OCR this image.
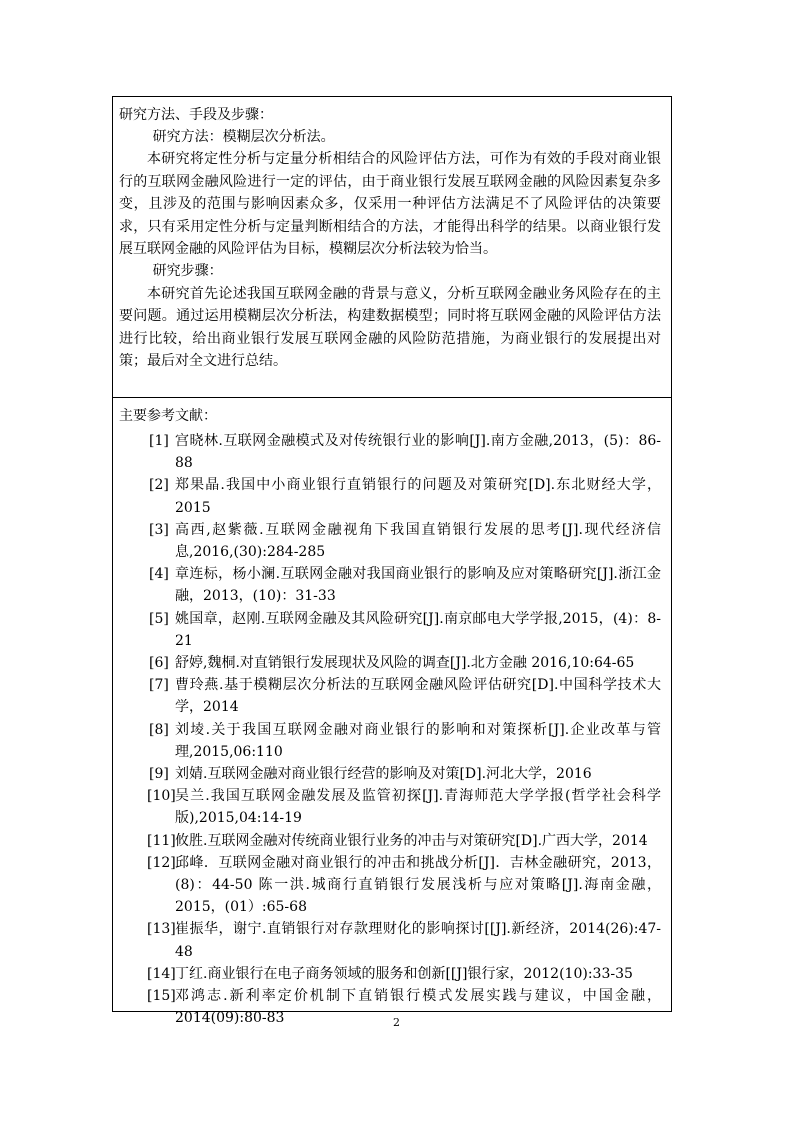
研究方法、手段及步骤：

研究方法：模糊层次分析法。

本研究将定性分析与定量分析相结合的风险评估方法，可作为有效的手段对商业银行的互联网金融风险进行一定的评估，由于商业银行发展互联网金融的风险因素复杂多变，且涉及的范围与影响因素众多，仅采用一种评估方法满足不了风险评估的决策要求，只有采用定性分析与定量判断相结合的方法，才能得出科学的结果。以商业银行发展互联网金融的风险评估为目标，模糊层次分析法较为恰当。

研究步骤：

本研究首先论述我国互联网金融的背景与意义，分析互联网金融业务风险存在的主要问题。通过运用模糊层次分析法，构建数据模型；同时将互联网金融的风险评估方法进行比较，给出商业银行发展互联网金融的风险防范措施，为商业银行的发展提出对策；最后对全文进行总结。

主要参考文献：
[1] 宫晓林.互联网金融模式及对传统银行业的影响[J].南方金融,2013，(5)：86-88
[2] 郑果晶.我国中小商业银行直销银行的问题及对策研究[D].东北财经大学，2015
[3] 高西,赵紫薇.互联网金融视角下我国直销银行发展的思考[J].现代经济信息,2016,(30):284-285
[4] 章连标，杨小澜.互联网金融对我国商业银行的影响及应对策略研究[J].浙江金融，2013，(10)：31-33
[5] 姚国章，赵刚.互联网金融及其风险研究[J].南京邮电大学学报,2015，(4)：8-21
[6] 舒婷,魏桐.对直销银行发展现状及风险的调查[J].北方金融 2016,10:64-65
[7] 曹玲燕.基于模糊层次分析法的互联网金融风险评估研究[D].中国科学技术大学，2014
[8] 刘堎.关于我国互联网金融对商业银行的影响和对策探析[J].企业改革与管理,2015,06:110
[9] 刘婧.互联网金融对商业银行经营的影响及对策[D].河北大学，2016
[10] 吴兰.我国互联网金融发展及监管初探[J].青海师范大学学报(哲学社会科学版),2015,04:14-19
[11] 攸胜.互联网金融对传统商业银行业务的冲击与对策研究[D].广西大学，2014
[12] 邱峰．互联网金融对商业银行的冲击和挑战分析[J]．吉林金融研究，2013，(8)：44-50 陈一洪.城商行直销银行发展浅析与应对策略[J].海南金融，2015，(01）:65-68
[13] 崔振华，谢宁.直销银行对存款理财化的影响探讨[[J].新经济，2014(26):47-48
[14] 丁红.商业银行在电子商务领域的服务和创新[[J]银行家，2012(10):33-35
[15] 邓鸿志.新利率定价机制下直销银行模式发展实践与建议，中国金融，2014(09):80-83	2
